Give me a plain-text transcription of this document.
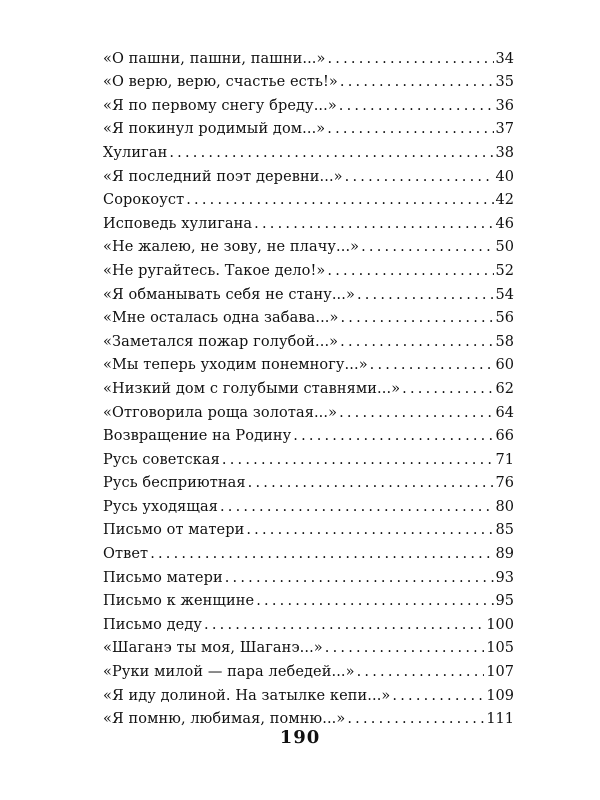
«О пашни, пашни, пашни...» .....	34
«О верю, верю, счастье есть!» .....	35
«Я по первому снегу бреду...» .....	36
«Я покинул родимый дом...» .....	37
Хулиган .....	38
«Я последний поэт деревни...» .....	40
Сорокоуст .....	42
Исповедь хулигана .....	46
«Не жалею, не зову, не плачу...» .....	50
«Не ругайтесь. Такое дело!» .....	52
«Я обманывать себя не стану...» .....	54
«Мне осталась одна забава...» .....	56
«Заметался пожар голубой...» .....	58
«Мы теперь уходим понемногу...» .....	60
«Низкий дом с голубыми ставнями...» .....	62
«Отговорила роща золотая...» .....	64
Возвращение на Родину .....	66
Русь советская .....	71
Русь бесприютная .....	76
Русь уходящая .....	80
Письмо от матери .....	85
Ответ .....	89
Письмо матери .....	93
Письмо к женщине .....	95
Письмо деду .....	100
«Шаганэ ты моя, Шаганэ...» .....	105
«Руки милой — пара лебедей...» .....	107
«Я иду долиной. На затылке кепи...» .....	109
«Я помню, любимая, помню...» .....	111
190
